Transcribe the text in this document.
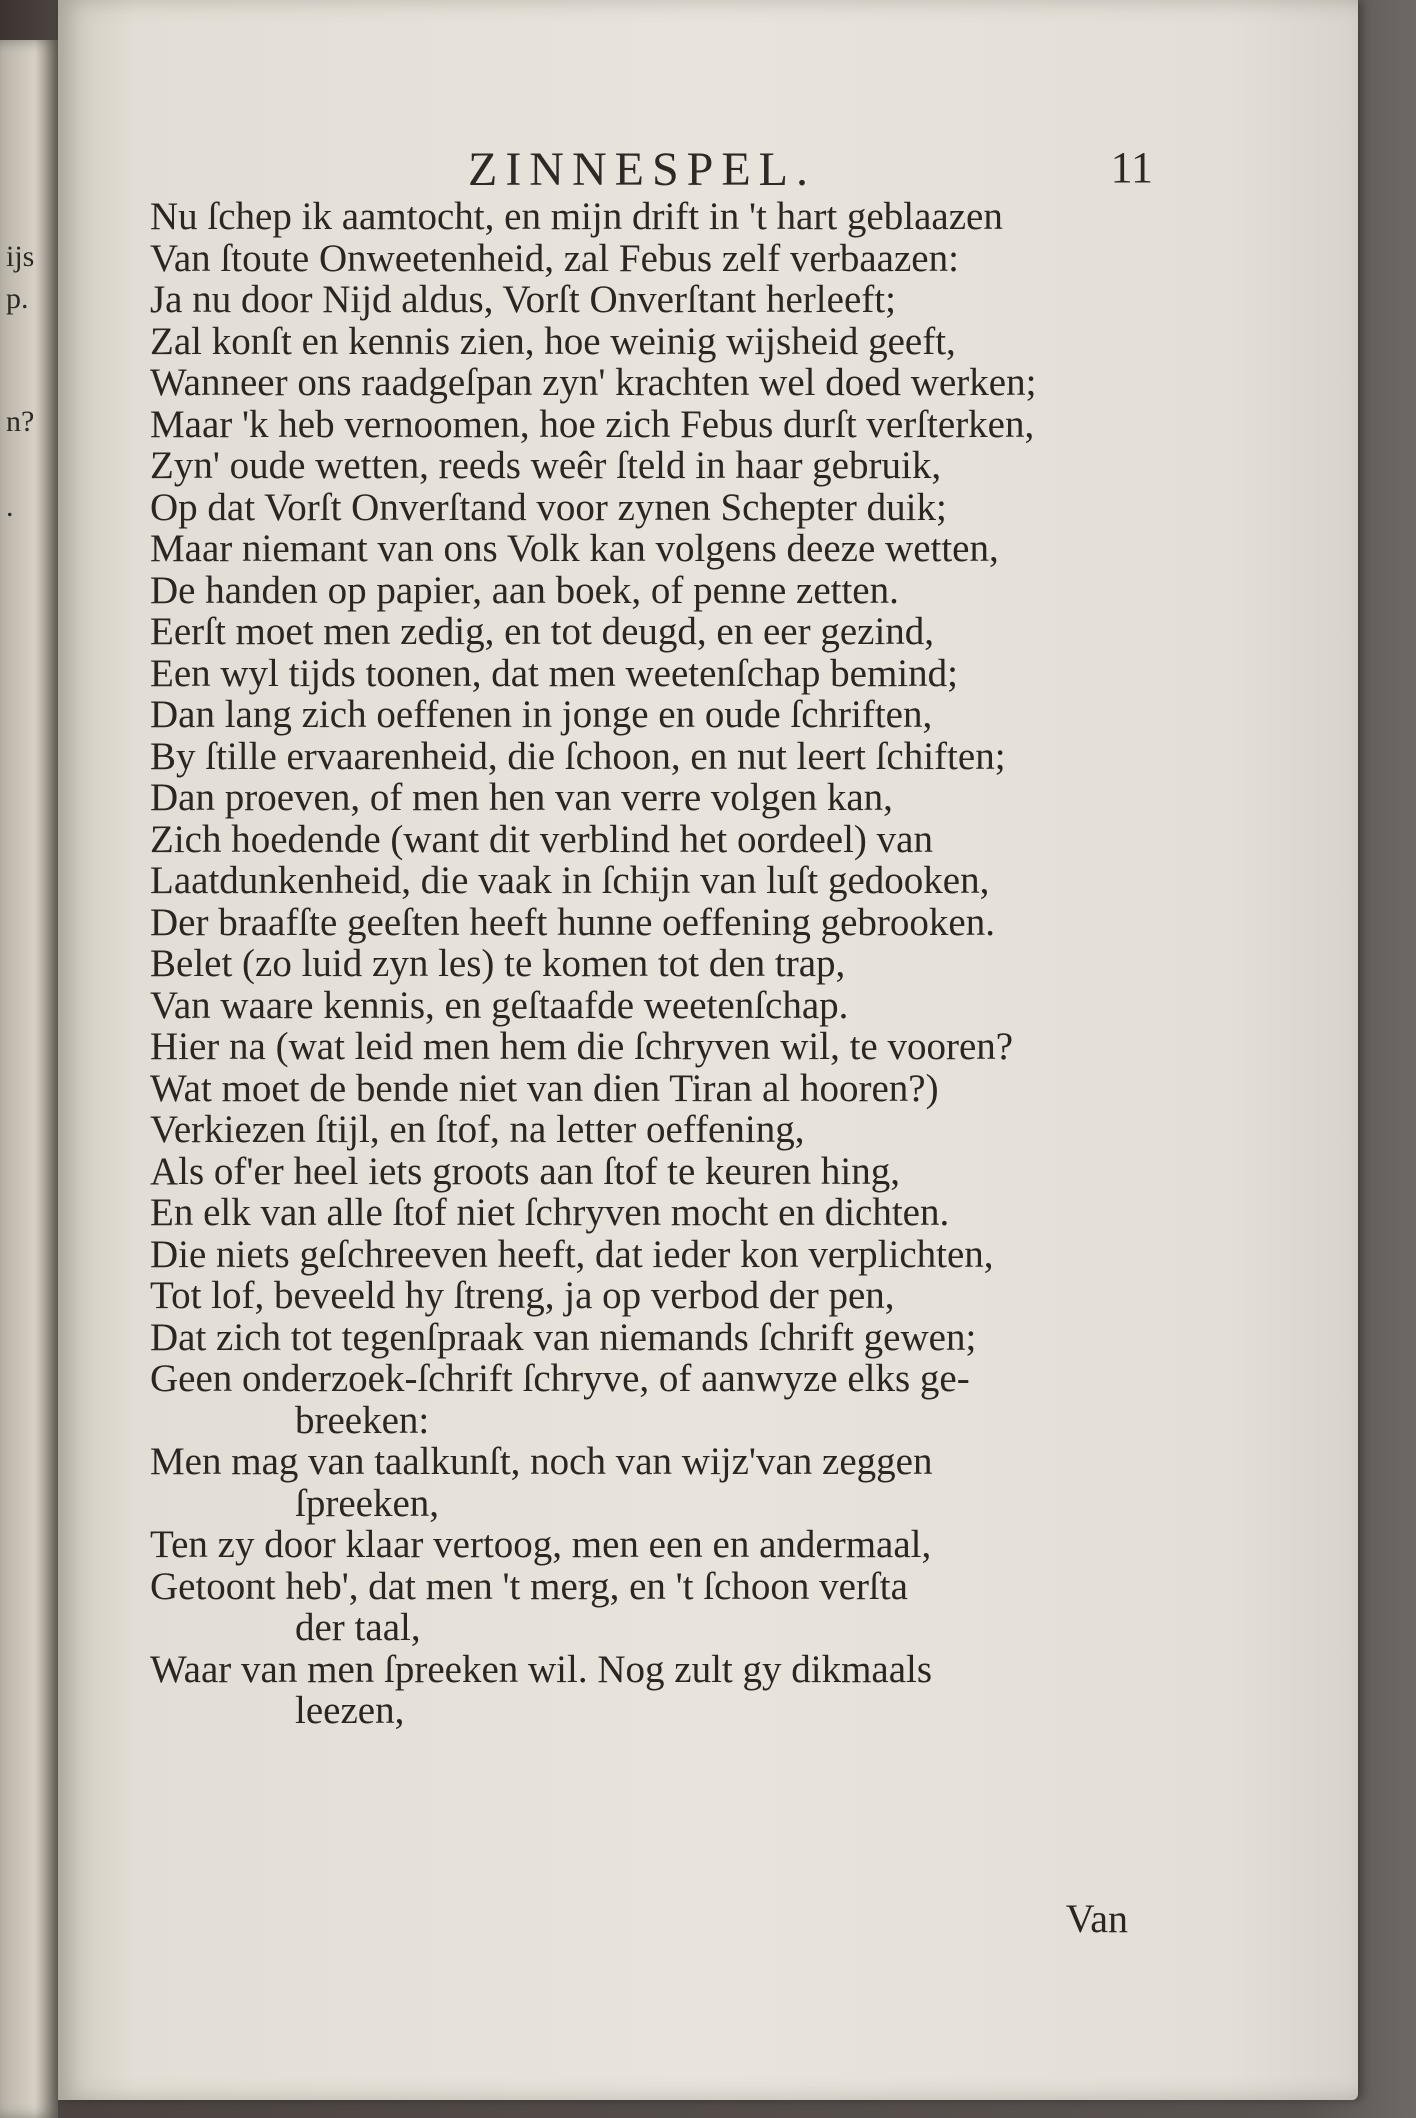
ijs
p.
n?
.
ZINNESPEL.	11
Nu ſchep ik aamtocht, en mijn drift in 't hart geblaazen
Van ſtoute Onweetenheid, zal Febus zelf verbaazen:
Ja nu door Nijd aldus, Vorſt Onverſtant herleeft;
Zal konſt en kennis zien, hoe weinig wijsheid geeft,
Wanneer ons raadgeſpan zyn' krachten wel doed werken;
Maar 'k heb vernoomen, hoe zich Febus durſt verſterken,
Zyn' oude wetten, reeds weêr ſteld in haar gebruik,
Op dat Vorſt Onverſtand voor zynen Schepter duik;
Maar niemant van ons Volk kan volgens deeze wetten,
De handen op papier, aan boek, of penne zetten.
Eerſt moet men zedig, en tot deugd, en eer gezind,
Een wyl tijds toonen, dat men weetenſchap bemind;
Dan lang zich oeffenen in jonge en oude ſchriften,
By ſtille ervaarenheid, die ſchoon, en nut leert ſchiften;
Dan proeven, of men hen van verre volgen kan,
Zich hoedende (want dit verblind het oordeel) van
Laatdunkenheid, die vaak in ſchijn van luſt gedooken,
Der braafſte geeſten heeft hunne oeffening gebrooken.
Belet (zo luid zyn les) te komen tot den trap,
Van waare kennis, en geſtaafde weetenſchap.
Hier na (wat leid men hem die ſchryven wil, te vooren?
Wat moet de bende niet van dien Tiran al hooren?)
Verkiezen ſtijl, en ſtof, na letter oeffening,
Als of'er heel iets groots aan ſtof te keuren hing,
En elk van alle ſtof niet ſchryven mocht en dichten.
Die niets geſchreeven heeft, dat ieder kon verplichten,
Tot lof, beveeld hy ſtreng, ja op verbod der pen,
Dat zich tot tegenſpraak van niemands ſchrift gewen;
Geen onderzoek-ſchrift ſchryve, of aanwyze elks ge-
breeken:
Men mag van taalkunſt, noch van wijz'van zeggen
ſpreeken,
Ten zy door klaar vertoog, men een en andermaal,
Getoont heb', dat men 't merg, en 't ſchoon verſta
der taal,
Waar van men ſpreeken wil. Nog zult gy dikmaals
leezen,
Van
